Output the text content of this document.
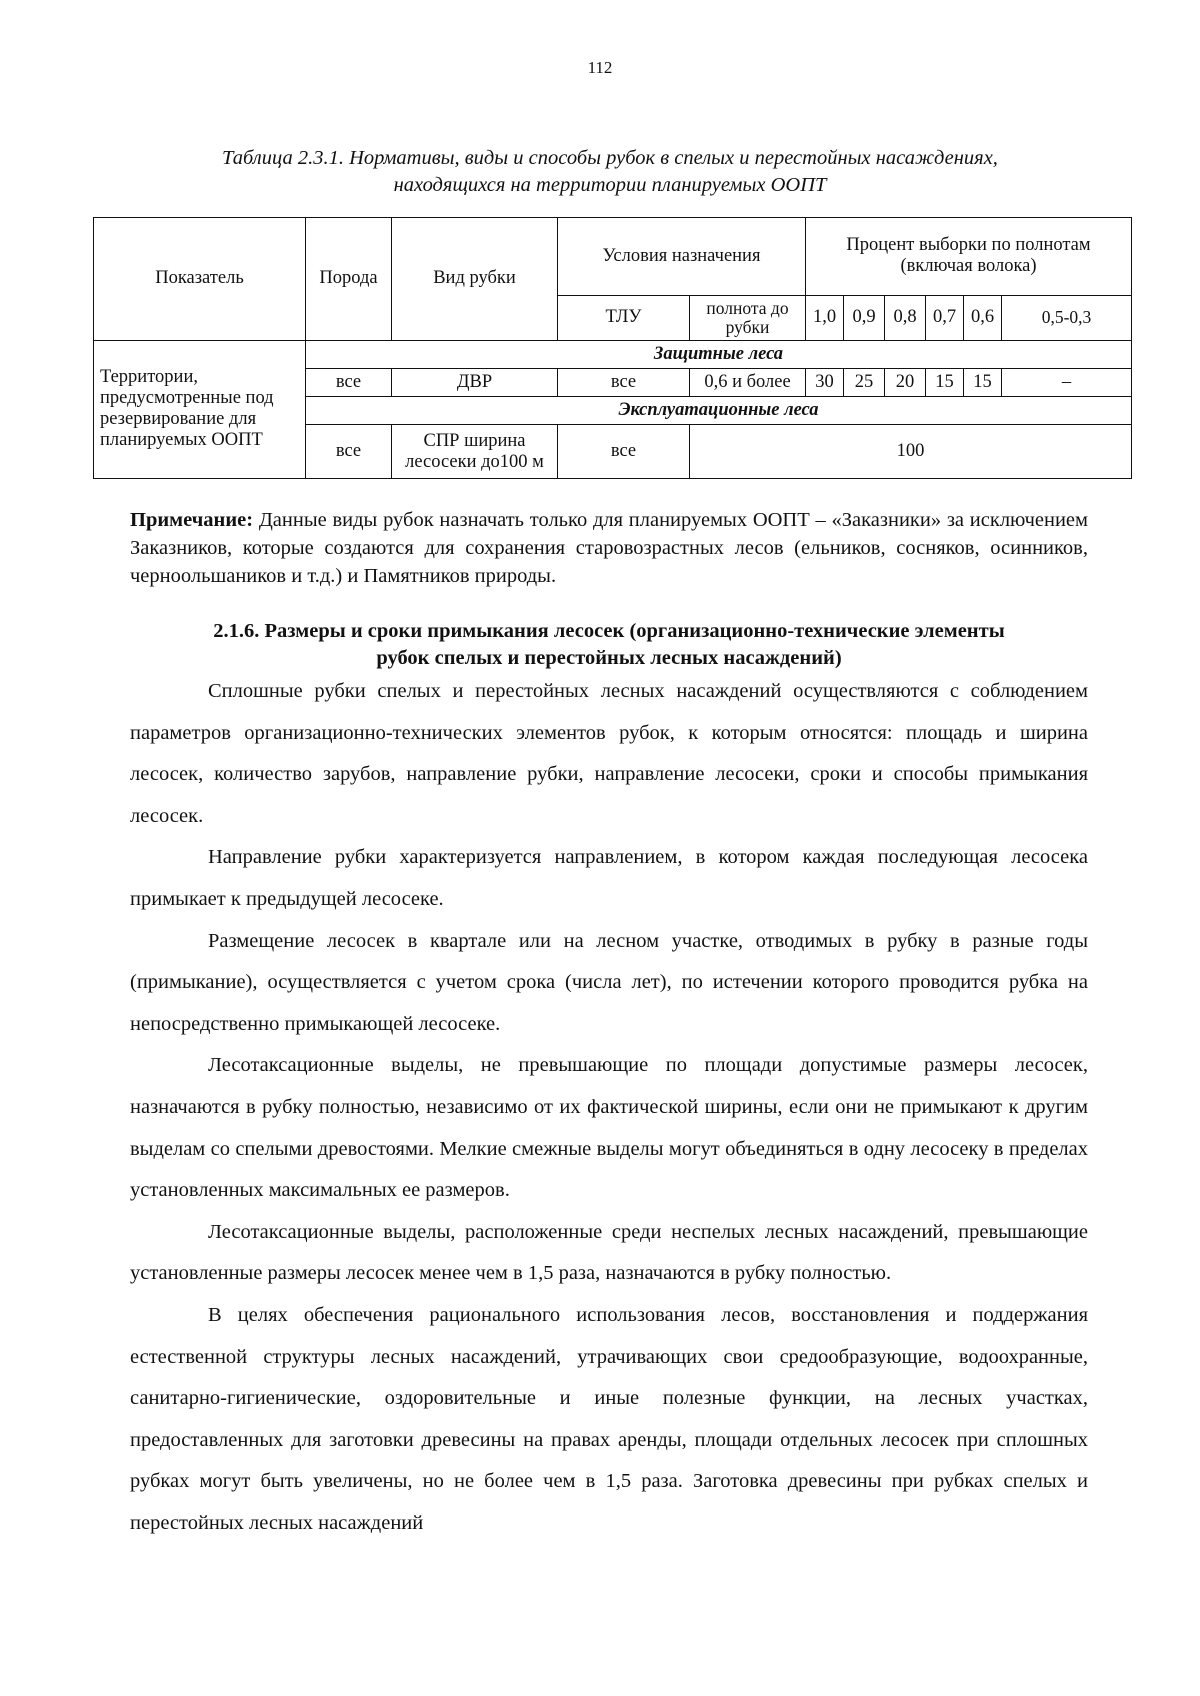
112
Таблица 2.3.1. Нормативы, виды и способы рубок в спелых и перестойных насаждениях,
находящихся на территории планируемых ООПТ
Показатель	Порода	Вид рубки	Условия назначения		Процент выборки по полнотам (включая волока)					
			ТЛУ	полнота до рубки	1,0	0,9	0,8	0,7	0,6	0,5-0,3
Территории, предусмотренные под резервирование для планируемых ООПТ	Защитные леса									
	все	ДВР	все	0,6 и более	30	25	20	15	15	–
	Эксплуатационные леса									
	все	СПР ширина лесосеки до100 м	все	100						
Примечание: Данные виды рубок назначать только для планируемых ООПТ – «Заказники» за исключением Заказников, которые создаются для сохранения старовозрастных лесов (ельников, сосняков, осинников, черноольшаников и т.д.) и Памятников природы.
2.1.6. Размеры и сроки примыкания лесосек (организационно-технические элементы
рубок спелых и перестойных лесных насаждений)

Сплошные рубки спелых и перестойных лесных насаждений осуществляются с соблюдением параметров организационно-технических элементов рубок, к которым относятся: площадь и ширина лесосек, количество зарубов, направление рубки, направление лесосеки, сроки и способы примыкания лесосек.

Направление рубки характеризуется направлением, в котором каждая последующая лесосека примыкает к предыдущей лесосеке.

Размещение лесосек в квартале или на лесном участке, отводимых в рубку в разные годы (примыкание), осуществляется с учетом срока (числа лет), по истечении которого проводится рубка на непосредственно примыкающей лесосеке.

Лесотаксационные выделы, не превышающие по площади допустимые размеры лесосек, назначаются в рубку полностью, независимо от их фактической ширины, если они не примыкают к другим выделам со спелыми древостоями. Мелкие смежные выделы могут объединяться в одну лесосеку в пределах установленных максимальных ее размеров.

Лесотаксационные выделы, расположенные среди неспелых лесных насаждений, превышающие установленные размеры лесосек менее чем в 1,5 раза, назначаются в рубку полностью.

В целях обеспечения рационального использования лесов, восстановления и поддержания естественной структуры лесных насаждений, утрачивающих свои средообразующие, водоохранные, санитарно-гигиенические, оздоровительные и иные полезные функции, на лесных участках, предоставленных для заготовки древесины на правах аренды, площади отдельных лесосек при сплошных рубках могут быть увеличены, но не более чем в 1,5 раза. Заготовка древесины при рубках спелых и перестойных лесных насаждений
